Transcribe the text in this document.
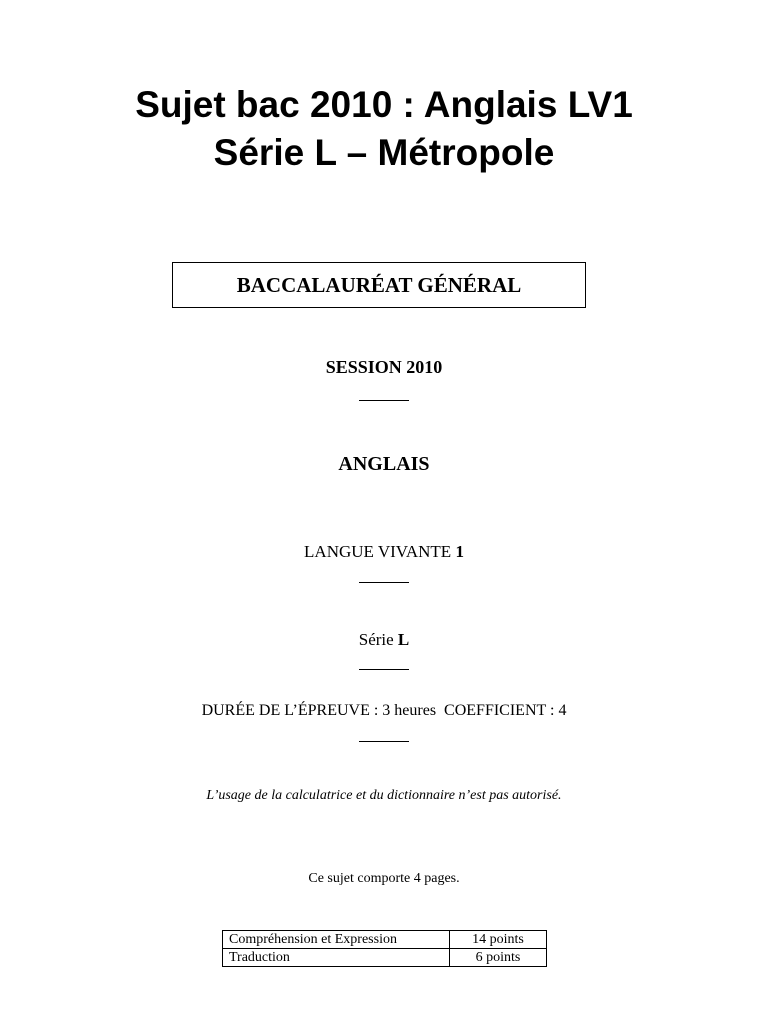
Sujet bac 2010 : Anglais LV1
Série L – Métropole
BACCALAURÉAT GÉNÉRAL
SESSION 2010
ANGLAIS
LANGUE VIVANTE 1
Série L
DURÉE DE L’ÉPREUVE : 3 heures  COEFFICIENT : 4
L’usage de la calculatrice et du dictionnaire n’est pas autorisé.
Ce sujet comporte 4 pages.
Compréhension et Expression	14 points
Traduction	6 points
